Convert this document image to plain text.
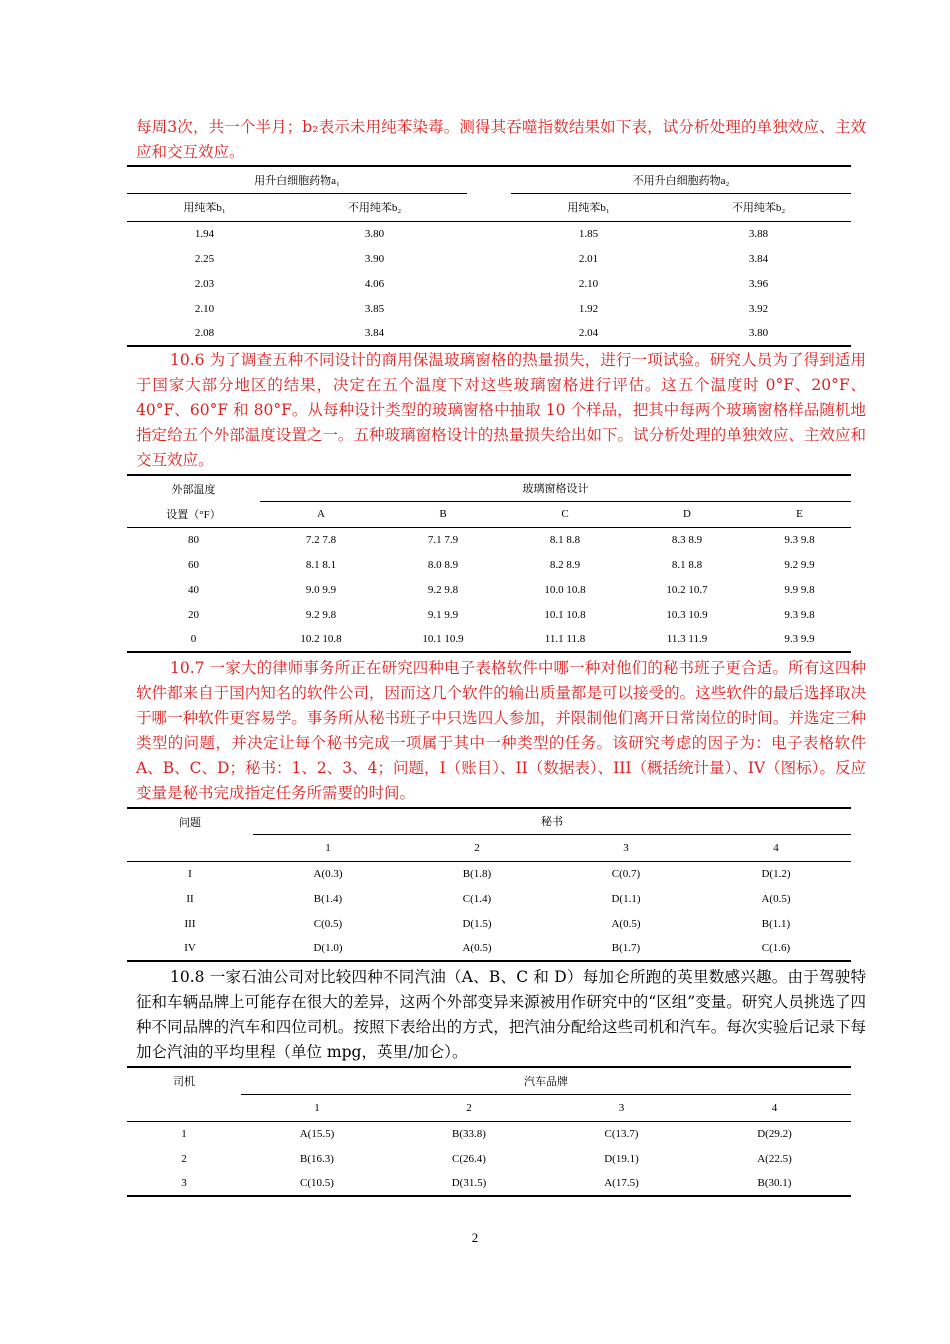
每周3次，共一个半月；b₂表示未用纯苯染毒。测得其吞噬指数结果如下表，试分析处理的单独效应、主效应和交互效应。

用升白细胞药物a₁			不用升白细胞药物a₂	
用纯苯b₁	不用纯苯b₂		用纯苯b₁	不用纯苯b₂
1.94	3.80		1.85	3.88
2.25	3.90		2.01	3.84
2.03	4.06		2.10	3.96
2.10	3.85		1.92	3.92
2.08	3.84		2.04	3.80

10.6 为了调查五种不同设计的商用保温玻璃窗格的热量损失，进行一项试验。研究人员为了得到适用于国家大部分地区的结果，决定在五个温度下对这些玻璃窗格进行评估。这五个温度时 0°F、20°F、40°F、60°F 和 80°F。从每种设计类型的玻璃窗格中抽取 10 个样品，把其中每两个玻璃窗格样品随机地指定给五个外部温度设置之一。五种玻璃窗格设计的热量损失给出如下。试分析处理的单独效应、主效应和交互效应。

外部温度	玻璃窗格设计				
设置（°F）	A	B	C	D	E
80	7.2 7.8	7.1 7.9	8.1 8.8	8.3 8.9	9.3 9.8
60	8.1 8.1	8.0 8.9	8.2 8.9	8.1 8.8	9.2 9.9
40	9.0 9.9	9.2 9.8	10.0 10.8	10.2 10.7	9.9 9.8
20	9.2 9.8	9.1 9.9	10.1 10.8	10.3 10.9	9.3 9.8
0	10.2 10.8	10.1 10.9	11.1 11.8	11.3 11.9	9.3 9.9

10.7 一家大的律师事务所正在研究四种电子表格软件中哪一种对他们的秘书班子更合适。所有这四种软件都来自于国内知名的软件公司，因而这几个软件的输出质量都是可以接受的。这些软件的最后选择取决于哪一种软件更容易学。事务所从秘书班子中只选四人参加，并限制他们离开日常岗位的时间。并选定三种类型的问题，并决定让每个秘书完成一项属于其中一种类型的任务。该研究考虑的因子为：电子表格软件 A、B、C、D；秘书：1、2、3、4；问题，I（账目）、II（数据表）、III（概括统计量）、IV（图标）。反应变量是秘书完成指定任务所需要的时间。

问题	秘书			
	1	2	3	4
I	A(0.3)	B(1.8)	C(0.7)	D(1.2)
II	B(1.4)	C(1.4)	D(1.1)	A(0.5)
III	C(0.5)	D(1.5)	A(0.5)	B(1.1)
IV	D(1.0)	A(0.5)	B(1.7)	C(1.6)

10.8 一家石油公司对比较四种不同汽油（A、B、C 和 D）每加仑所跑的英里数感兴趣。由于驾驶特征和车辆品牌上可能存在很大的差异，这两个外部变异来源被用作研究中的“区组”变量。研究人员挑选了四种不同品牌的汽车和四位司机。按照下表给出的方式，把汽油分配给这些司机和汽车。每次实验后记录下每加仑汽油的平均里程（单位 mpg，英里/加仑）。

司机	汽车品牌			
	1	2	3	4
1	A(15.5)	B(33.8)	C(13.7)	D(29.2)
2	B(16.3)	C(26.4)	D(19.1)	A(22.5)
3	C(10.5)	D(31.5)	A(17.5)	B(30.1)
2
